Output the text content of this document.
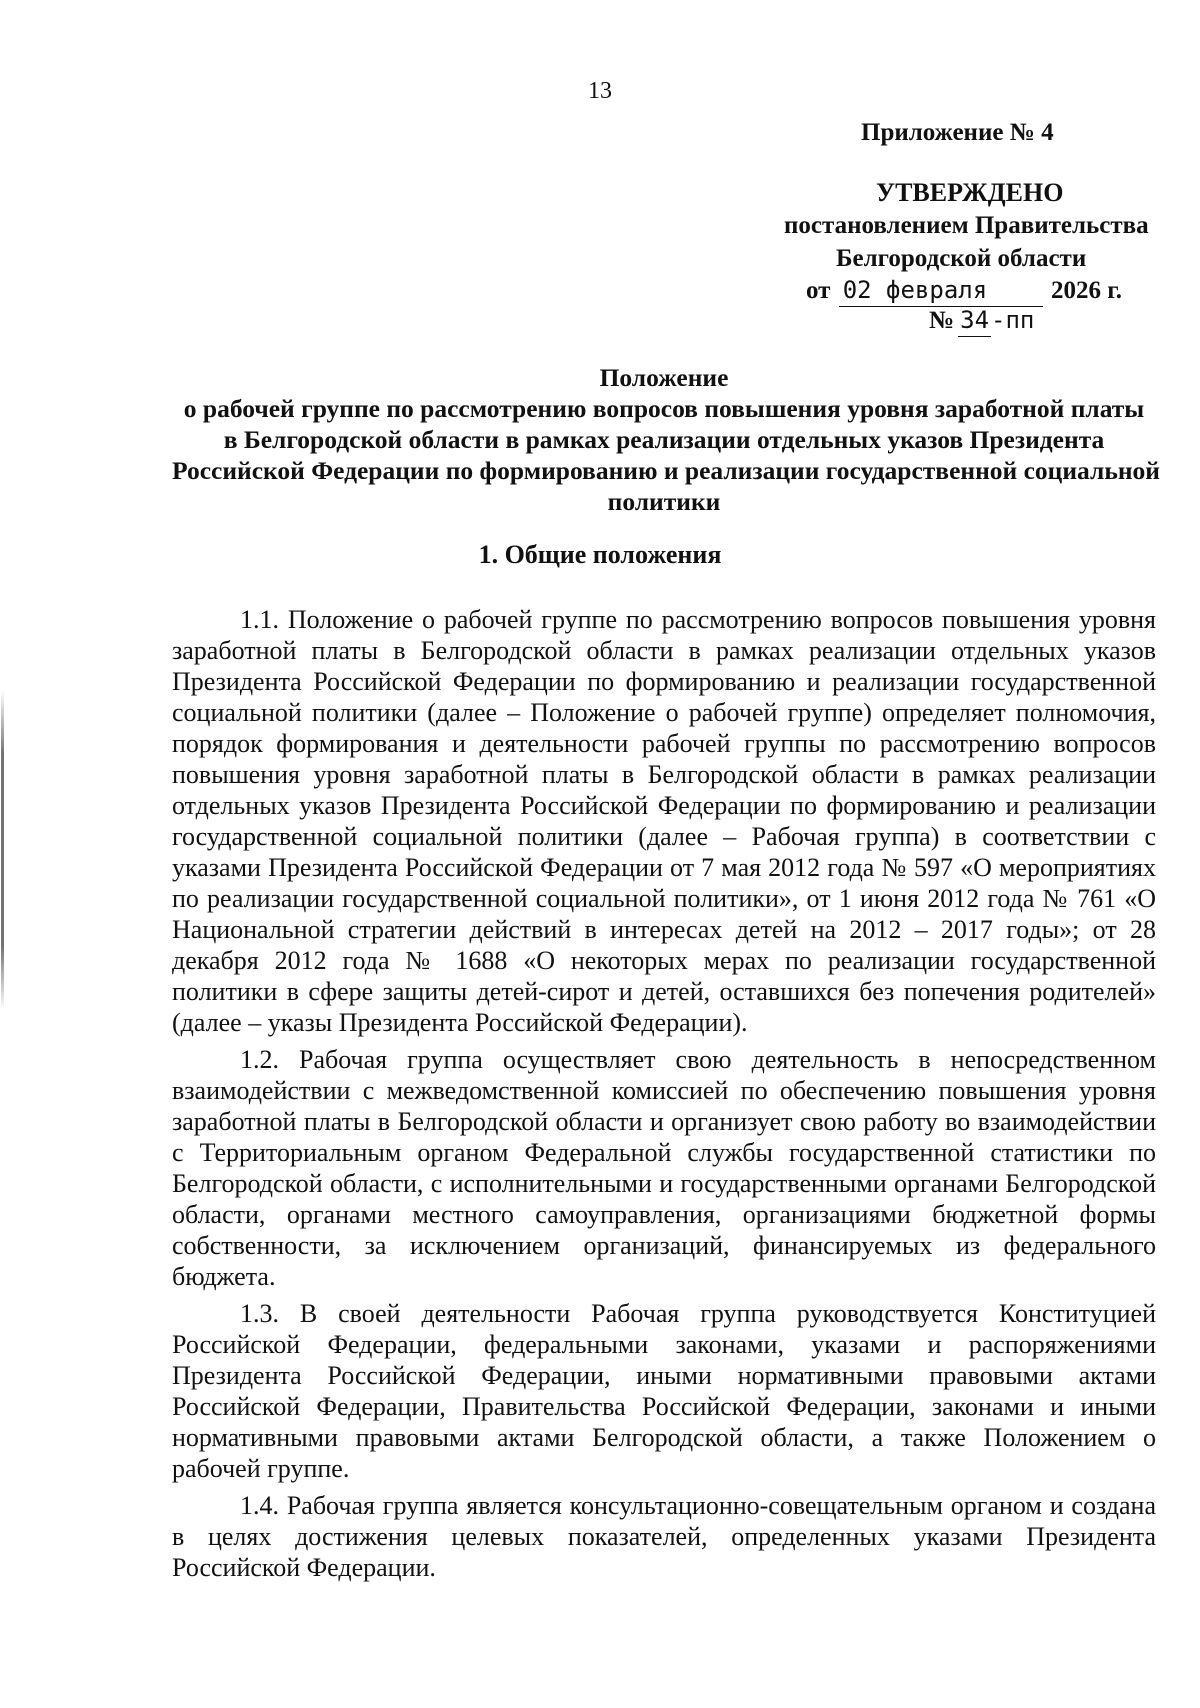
13
Приложение № 4
УТВЕРЖДЕНО
постановлением Правительства
Белгородской области
от 02 февраля	2026 г.
№ 34-пп
Положение
о рабочей группе по рассмотрению вопросов повышения уровня заработной платы
в Белгородской области в рамках реализации отдельных указов Президента
Российской Федерации по формированию и реализации государственной социальной
политики
1. Общие положения

1.1. Положение о рабочей группе по рассмотрению вопросов повышения уровня заработной платы в Белгородской области в рамках реализации отдельных указов Президента Российской Федерации по формированию и реализации государственной социальной политики (далее – Положение о рабочей группе) определяет полномочия, порядок формирования и деятельности рабочей группы по рассмотрению вопросов повышения уровня заработной платы в Белгородской области в рамках реализации отдельных указов Президента Российской Федерации по формированию и реализации государственной социальной политики (далее – Рабочая группа) в соответствии с указами Президента Российской Федерации от 7 мая 2012 года № 597 «О мероприятиях по реализации государственной социальной политики», от 1 июня 2012 года № 761 «О Национальной стратегии действий в интересах детей на 2012 – 2017 годы»; от 28 декабря 2012 года № 1688 «О некоторых мерах по реализации государственной политики в сфере защиты детей-сирот и детей, оставшихся без попечения родителей» (далее – указы Президента Российской Федерации).

1.2. Рабочая группа осуществляет свою деятельность в непосредственном взаимодействии с межведомственной комиссией по обеспечению повышения уровня заработной платы в Белгородской области и организует свою работу во взаимодействии с Территориальным органом Федеральной службы государственной статистики по Белгородской области, с исполнительными и государственными органами Белгородской области, органами местного самоуправления, организациями бюджетной формы собственности, за исключением организаций, финансируемых из федерального бюджета.

1.3. В своей деятельности Рабочая группа руководствуется Конституцией Российской Федерации, федеральными законами, указами и распоряжениями Президента Российской Федерации, иными нормативными правовыми актами Российской Федерации, Правительства Российской Федерации, законами и иными нормативными правовыми актами Белгородской области, а также Положением о рабочей группе.

1.4. Рабочая группа является консультационно-совещательным органом и создана в целях достижения целевых показателей, определенных указами Президента Российской Федерации.
